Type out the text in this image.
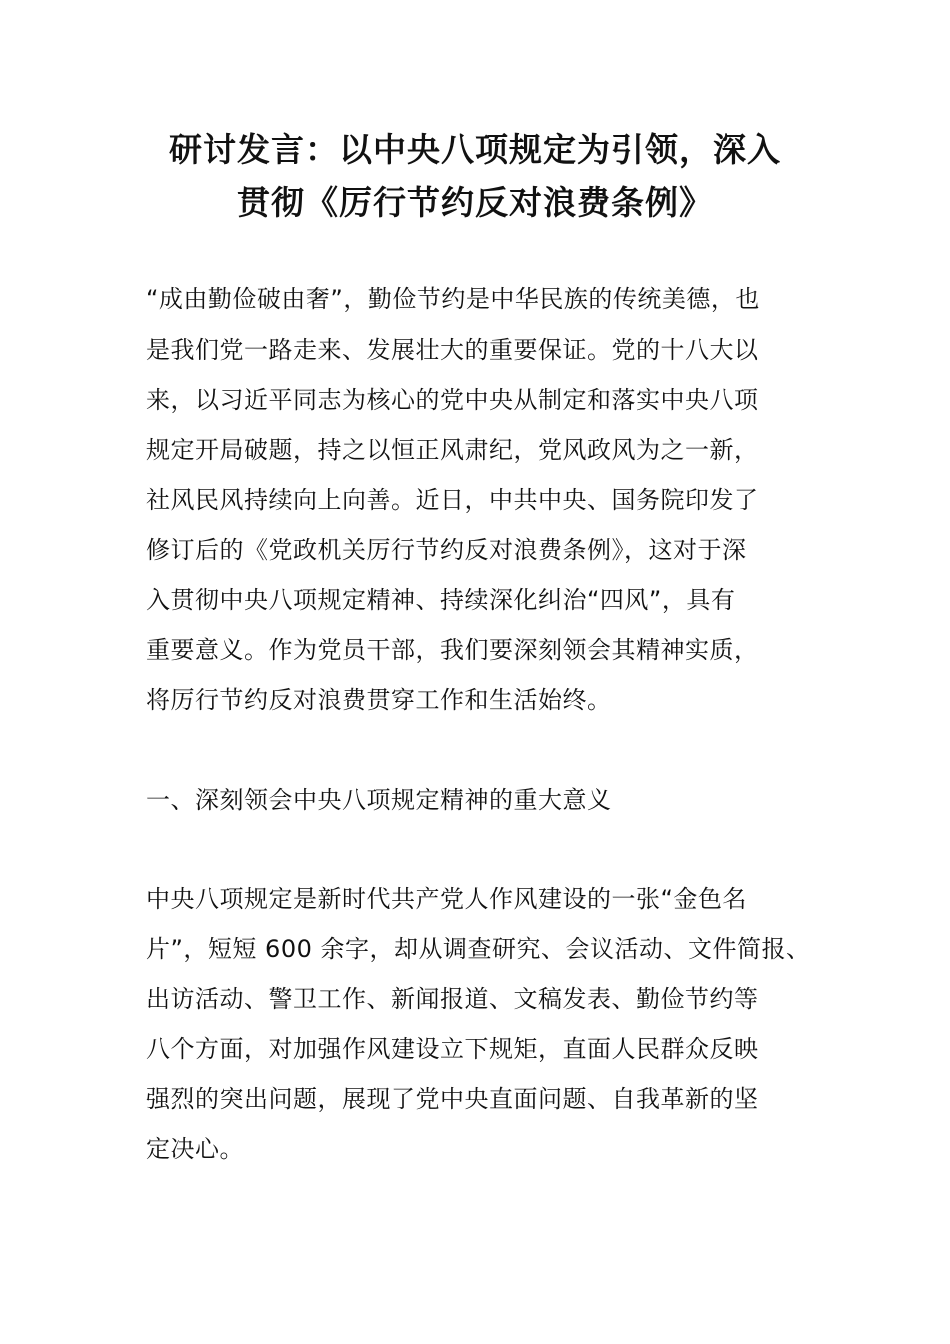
研讨发言：以中央八项规定为引领，深入
贯彻《厉行节约反对浪费条例》

“成由勤俭破由奢”，勤俭节约是中华民族的传统美德，也

是我们党一路走来、发展壮大的重要保证。党的十八大以

来，以习近平同志为核心的党中央从制定和落实中央八项

规定开局破题，持之以恒正风肃纪，党风政风为之一新，

社风民风持续向上向善。近日，中共中央、国务院印发了

修订后的《党政机关厉行节约反对浪费条例》，这对于深

入贯彻中央八项规定精神、持续深化纠治“四风”，具有

重要意义。作为党员干部，我们要深刻领会其精神实质，

将厉行节约反对浪费贯穿工作和生活始终。

一、深刻领会中央八项规定精神的重大意义

中央八项规定是新时代共产党人作风建设的一张“金色名

片”，短短 600 余字，却从调查研究、会议活动、文件简报、

出访活动、警卫工作、新闻报道、文稿发表、勤俭节约等

八个方面，对加强作风建设立下规矩，直面人民群众反映

强烈的突出问题，展现了党中央直面问题、自我革新的坚

定决心。
